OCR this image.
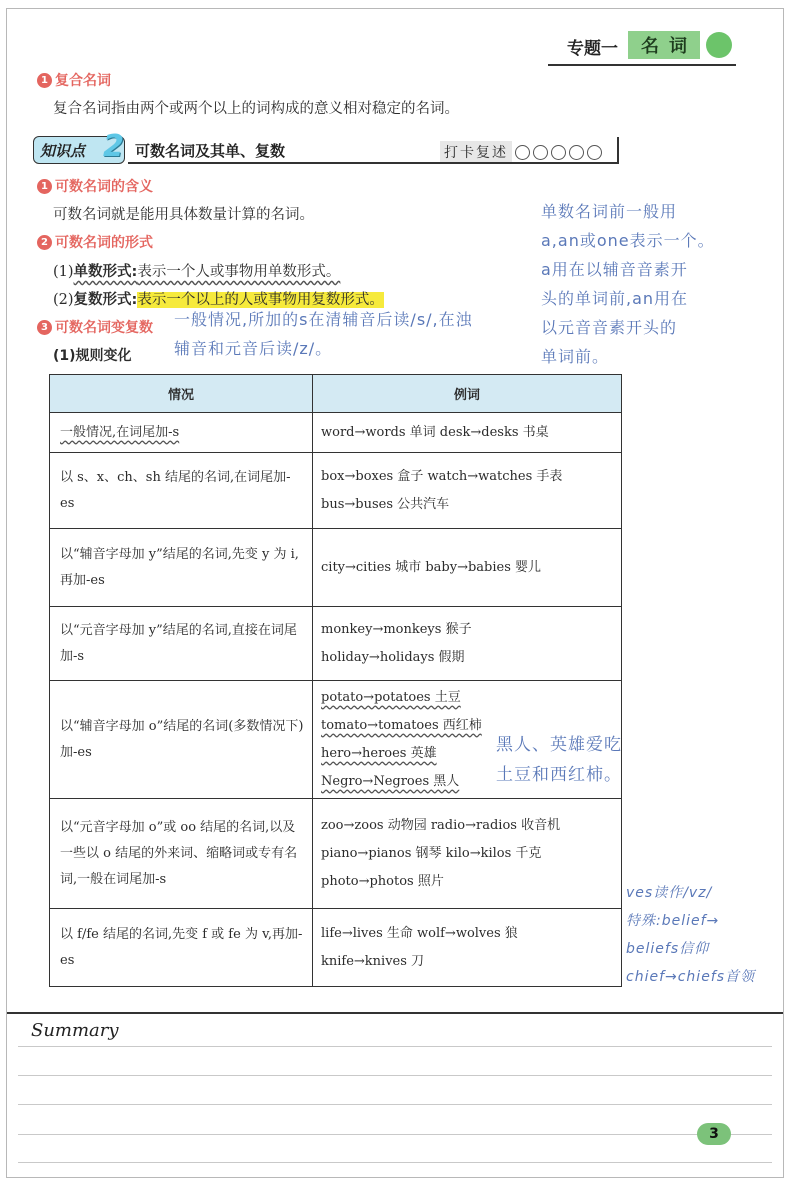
专题一	名词
1 复合名词
复合名词指由两个或两个以上的词构成的意义相对稳定的名词。
知识点 2 可数名词及其单、复数	打卡复述
1 可数名词的含义
可数名词就是能用具体数量计算的名词。
2 可数名词的形式
(1)单数形式:表示一个人或事物用单数形式。
(2)复数形式:表示一个以上的人或事物用复数形式。
3 可数名词变复数
(1)规则变化
一般情况,所加的s在清辅音后读/s/,在浊
辅音和元音后读/z/。
单数名词前一般用
a,an或one表示一个。
a用在以辅音音素开
头的单词前,an用在
以元音音素开头的
单词前。
黑人、英雄爱吃
土豆和西红柿。
ves读作/vz/
特殊:belief→
beliefs信仰
chief→chiefs首领
情况	例词
一般情况,在词尾加-s	word→words 单词 desk→desks 书桌

以 s、x、ch、sh 结尾的名词,在词尾加-es	box→boxes 盒子 watch→watches 手表
bus→buses 公共汽车

以“辅音字母加 y”结尾的名词,先变 y 为 i,再加-es	city→cities 城市 baby→babies 婴儿

以“元音字母加 y”结尾的名词,直接在词尾加-s	monkey→monkeys 猴子
holiday→holidays 假期

以“辅音字母加 o”结尾的名词(多数情况下)加-es	potato→potatoes 土豆
tomato→tomatoes 西红柿
hero→heroes 英雄
Negro→Negroes 黑人

以“元音字母加 o”或 oo 结尾的名词,以及一些以 o 结尾的外来词、缩略词或专有名词,一般在词尾加-s	zoo→zoos 动物园 radio→radios 收音机
piano→pianos 钢琴 kilo→kilos 千克
photo→photos 照片

以 f/fe 结尾的名词,先变 f 或 fe 为 v,再加-es	life→lives 生命 wolf→wolves 狼
knife→knives 刀
Summary
3
